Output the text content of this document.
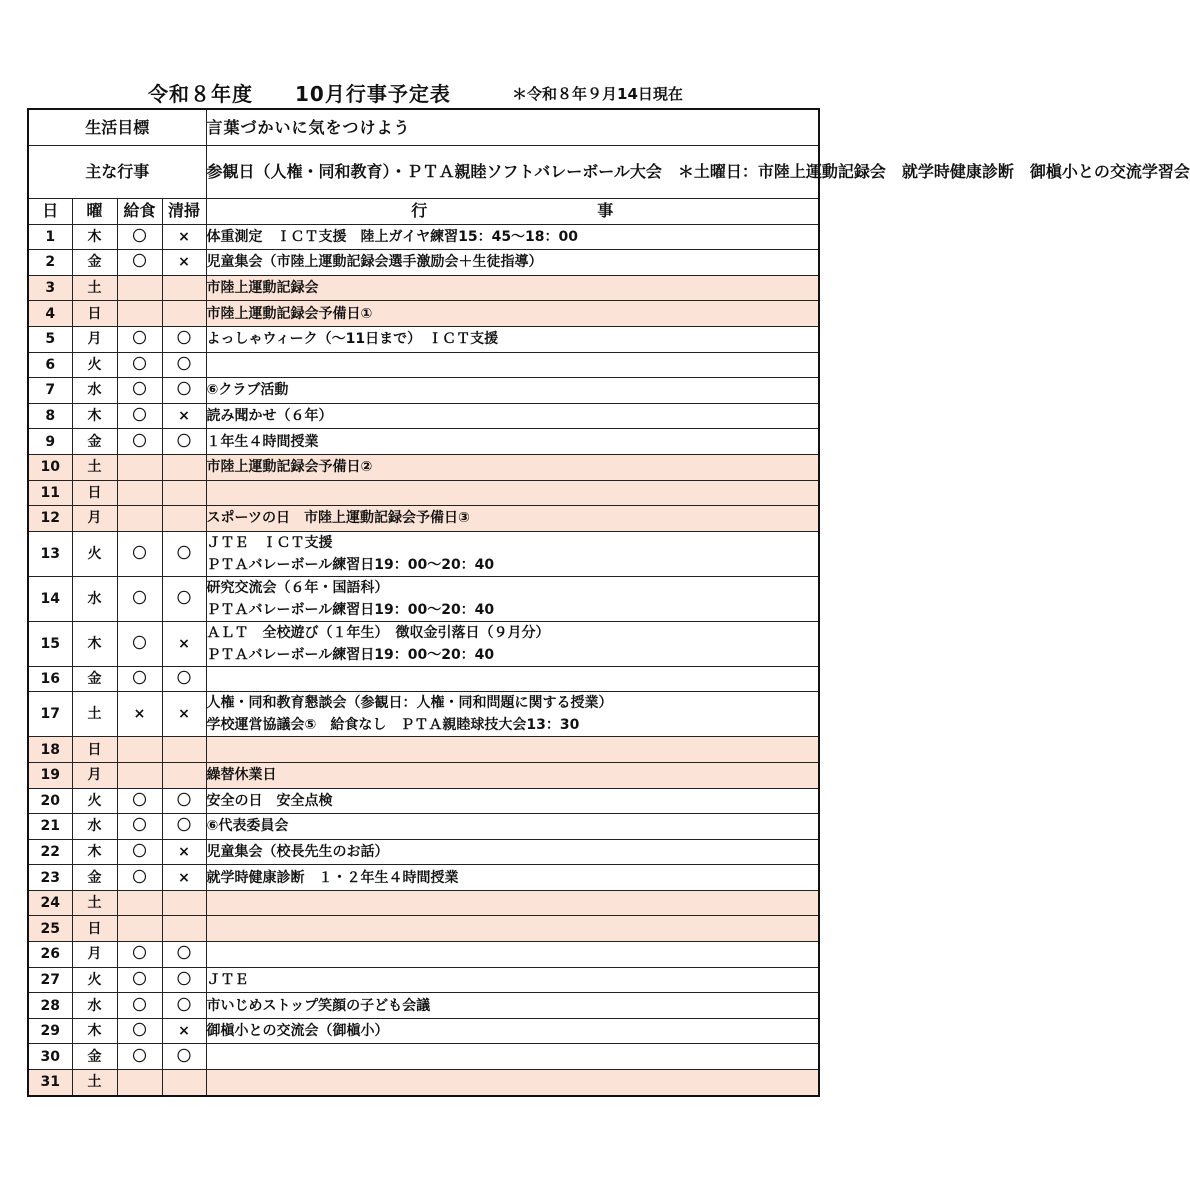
令和８年度　　10月行事予定表	＊令和８年９月14日現在
生活目標				言葉づかいに気をつけよう
主な行事				参観日（人権・同和教育）・ＰＴＡ親睦ソフトバレーボール大会　＊土曜日：市陸上運動記録会　就学時健康診断　御槇小との交流学習会
日	曜	給食	清掃	行 事
1	木	〇	×	体重測定　ＩＣＴ支援　陸上ガイヤ練習15：45～18：00

2	金	〇	×	児童集会（市陸上運動記録会選手激励会＋生徒指導）

3	土			市陸上運動記録会

4	日			市陸上運動記録会予備日①

5	月	〇	〇	よっしゃウィーク（～11日まで）　ＩＣＴ支援

6	火	〇	〇	

7	水	〇	〇	⑥クラブ活動

8	木	〇	×	読み聞かせ（６年）

9	金	〇	〇	１年生４時間授業

10	土			市陸上運動記録会予備日②

11	日			

12	月			スポーツの日　市陸上運動記録会予備日③

13	火	〇	〇	ＪＴＥ　ＩＣＴ支援
ＰＴＡバレーボール練習日19：00～20：40

14	水	〇	〇	研究交流会（６年・国語科）
ＰＴＡバレーボール練習日19：00～20：40

15	木	〇	×	ＡＬＴ　全校遊び（１年生）　徴収金引落日（９月分）
ＰＴＡバレーボール練習日19：00～20：40

16	金	〇	〇	

17	土	×	×	人権・同和教育懇談会（参観日：人権・同和問題に関する授業）
学校運営協議会⑤　給食なし　ＰＴＡ親睦球技大会13：30

18	日			

19	月			繰替休業日

20	火	〇	〇	安全の日　安全点検

21	水	〇	〇	⑥代表委員会

22	木	〇	×	児童集会（校長先生のお話）

23	金	〇	×	就学時健康診断　１・２年生４時間授業

24	土			

25	日			

26	月	〇	〇	

27	火	〇	〇	ＪＴＥ

28	水	〇	〇	市いじめストップ笑顔の子ども会議

29	木	〇	×	御槇小との交流会（御槇小）

30	金	〇	〇	

31	土			
